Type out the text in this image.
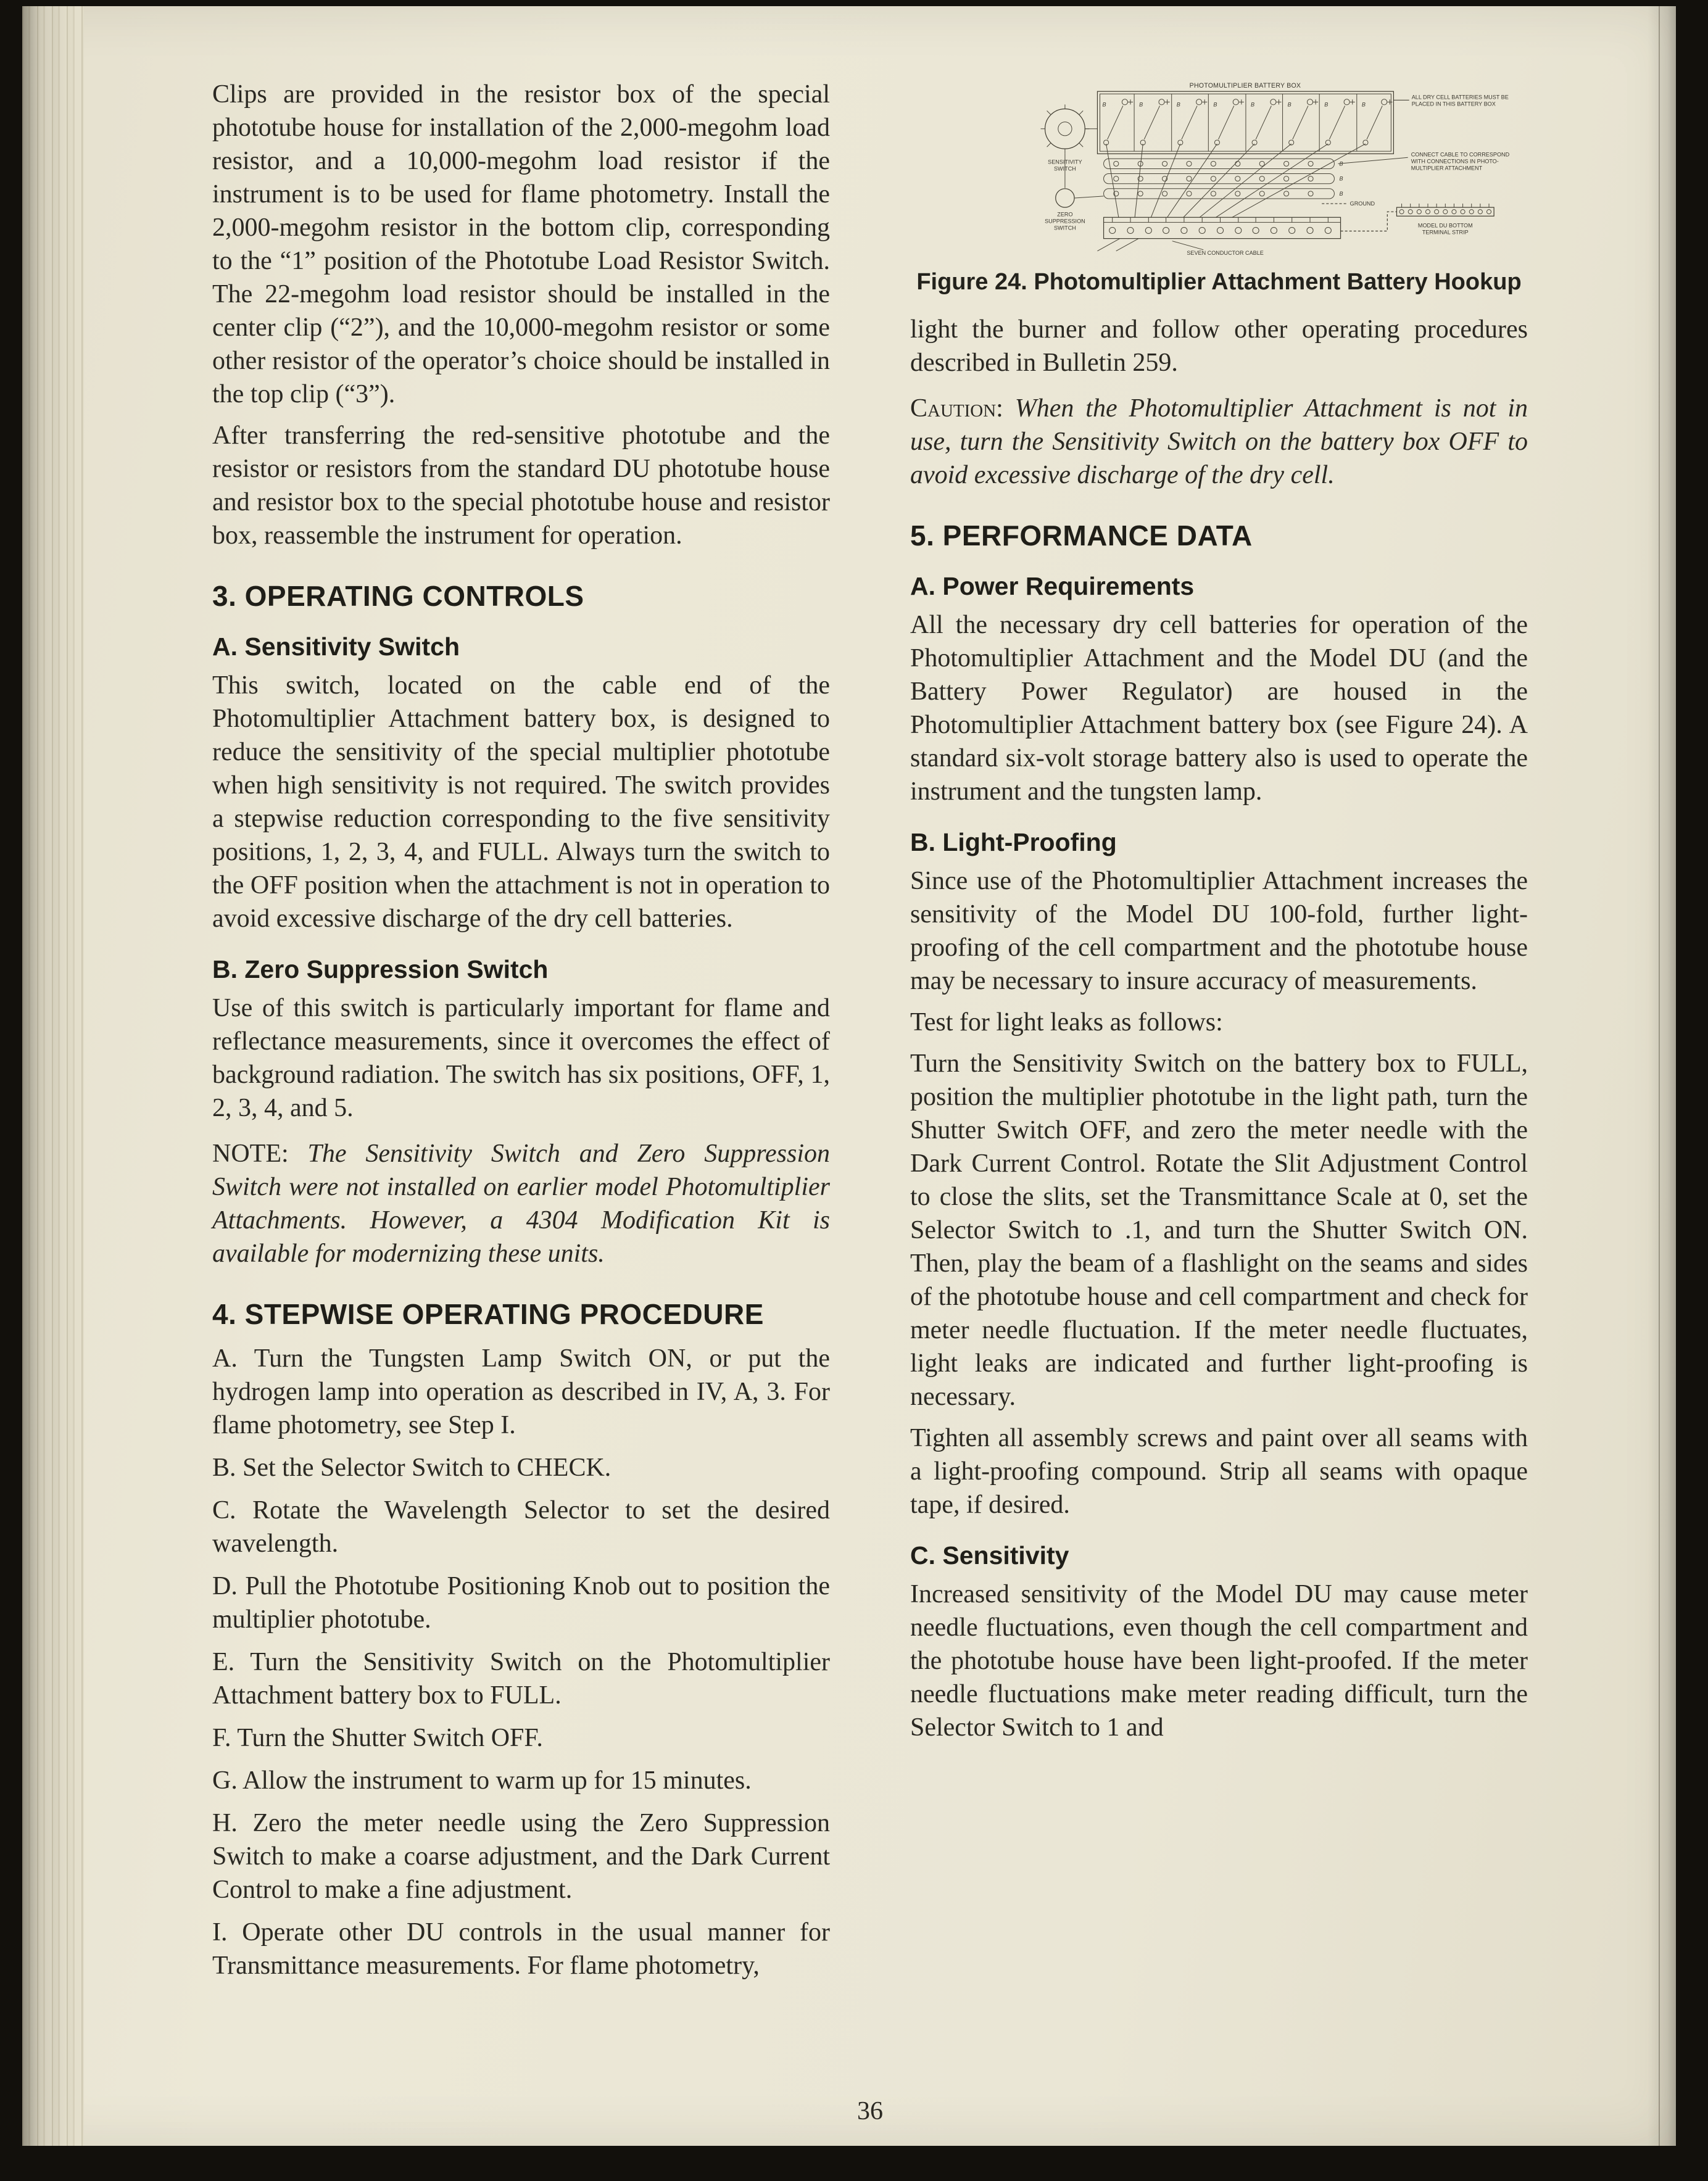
Clips are provided in the resistor box of the special phototube house for installation of the 2,000-megohm load resistor, and a 10,000-megohm load resistor if the instrument is to be used for flame photometry. Install the 2,000-megohm resistor in the bottom clip, corresponding to the “1” position of the Phototube Load Resistor Switch. The 22-megohm load resistor should be installed in the center clip (“2”), and the 10,000-megohm resistor or some other resistor of the operator’s choice should be installed in the top clip (“3”).

After transferring the red-sensitive phototube and the resistor or resistors from the standard DU phototube house and resistor box to the special phototube house and resistor box, reassemble the instrument for operation.

3. OPERATING CONTROLS
A. Sensitivity Switch

This switch, located on the cable end of the Photomultiplier Attachment battery box, is designed to reduce the sensitivity of the special multiplier phototube when high sensitivity is not required. The switch provides a stepwise reduction corresponding to the five sensitivity positions, 1, 2, 3, 4, and FULL. Always turn the switch to the OFF position when the attachment is not in operation to avoid excessive discharge of the dry cell batteries.

B. Zero Suppression Switch

Use of this switch is particularly important for flame and reflectance measurements, since it overcomes the effect of background radiation. The switch has six positions, OFF, 1, 2, 3, 4, and 5.

NOTE: The Sensitivity Switch and Zero Suppression Switch were not installed on earlier model Photomultiplier Attachments. However, a 4304 Modification Kit is available for modernizing these units.

4. STEPWISE OPERATING PROCEDURE

A. Turn the Tungsten Lamp Switch ON, or put the hydrogen lamp into operation as described in IV, A, 3. For flame photometry, see Step I.

B. Set the Selector Switch to CHECK.

C. Rotate the Wavelength Selector to set the desired wavelength.

D. Pull the Phototube Positioning Knob out to position the multiplier phototube.

E. Turn the Sensitivity Switch on the Photomultiplier Attachment battery box to FULL.

F. Turn the Shutter Switch OFF.

G. Allow the instrument to warm up for 15 minutes.

H. Zero the meter needle using the Zero Suppression Switch to make a coarse adjustment, and the Dark Current Control to make a fine adjustment.

I. Operate other DU controls in the usual manner for Transmittance measurements. For flame photometry,

PHOTOMULTIPLIER BATTERY BOX
B	B	B	B	B	B	B	B
SENSITIVITY
SWITCH
ZERO
SUPPRESSION
SWITCH
B
B
B
GROUND
MODEL DU BOTTOM
TERMINAL STRIP
ALL DRY CELL BATTERIES MUST BE
PLACED IN THIS BATTERY BOX
CONNECT CABLE TO CORRESPOND
WITH CONNECTIONS IN PHOTO-
MULTIPLIER ATTACHMENT
SEVEN CONDUCTOR CABLE
Figure 24. Photomultiplier Attachment Battery Hookup

light the burner and follow other operating procedures described in Bulletin 259.

Caution: When the Photomultiplier Attachment is not in use, turn the Sensitivity Switch on the battery box OFF to avoid excessive discharge of the dry cell.

5. PERFORMANCE DATA
A. Power Requirements

All the necessary dry cell batteries for operation of the Photomultiplier Attachment and the Model DU (and the Battery Power Regulator) are housed in the Photomultiplier Attachment battery box (see Figure 24). A standard six-volt storage battery also is used to operate the instrument and the tungsten lamp.

B. Light-Proofing

Since use of the Photomultiplier Attachment increases the sensitivity of the Model DU 100-fold, further light-proofing of the cell compartment and the phototube house may be necessary to insure accuracy of measurements.

Test for light leaks as follows:

Turn the Sensitivity Switch on the battery box to FULL, position the multiplier phototube in the light path, turn the Shutter Switch OFF, and zero the meter needle with the Dark Current Control. Rotate the Slit Adjustment Control to close the slits, set the Transmittance Scale at 0, set the Selector Switch to .1, and turn the Shutter Switch ON. Then, play the beam of a flashlight on the seams and sides of the phototube house and cell compartment and check for meter needle fluctuation. If the meter needle fluctuates, light leaks are indicated and further light-proofing is necessary.

Tighten all assembly screws and paint over all seams with a light-proofing compound. Strip all seams with opaque tape, if desired.

C. Sensitivity

Increased sensitivity of the Model DU may cause meter needle fluctuations, even though the cell compartment and the phototube house have been light-proofed. If the meter needle fluctuations make meter reading difficult, turn the Selector Switch to 1 and

36
